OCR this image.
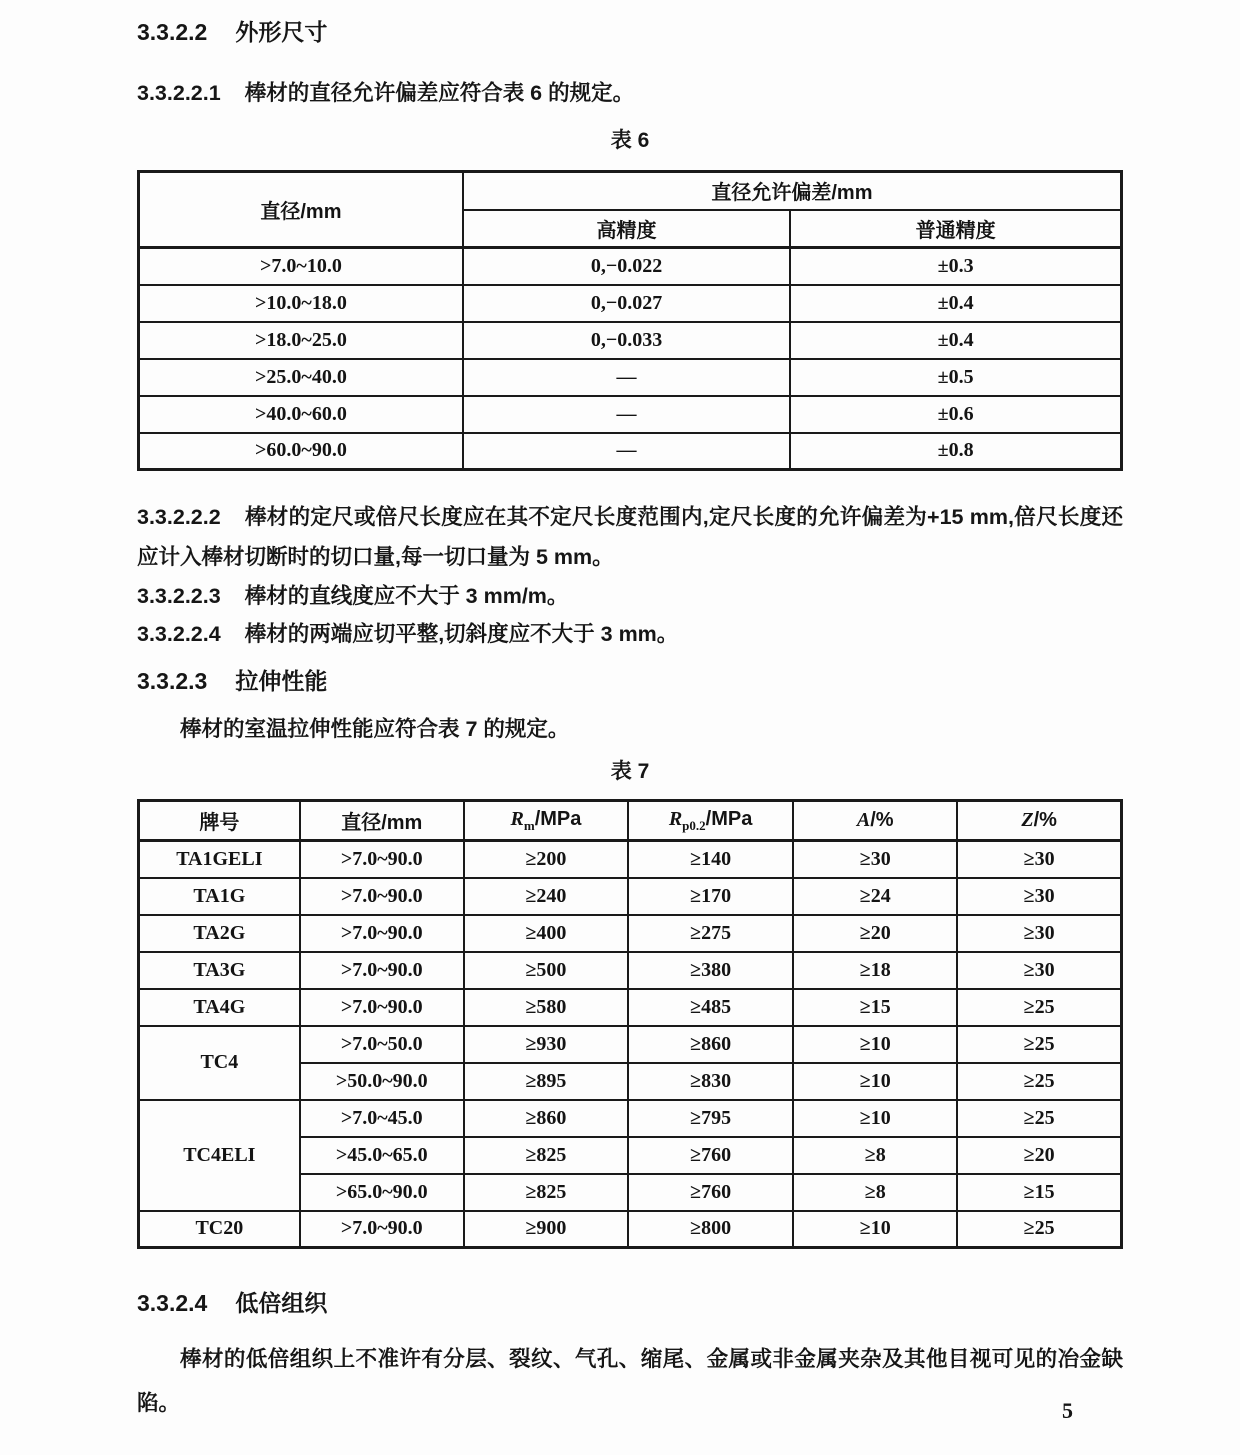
3.3.2.2 外形尺寸

3.3.2.2.1 棒材的直径允许偏差应符合表 6 的规定。

表 6
直径/mm	直径允许偏差/mm	
	高精度	普通精度
>7.0~10.0	0,−0.022	±0.3
>10.0~18.0	0,−0.027	±0.4
>18.0~25.0	0,−0.033	±0.4
>25.0~40.0	—	±0.5
>40.0~60.0	—	±0.6
>60.0~90.0	—	±0.8

3.3.2.2.2 棒材的定尺或倍尺长度应在其不定尺长度范围内,定尺长度的允许偏差为+15 mm,倍尺长度还应计入棒材切断时的切口量,每一切口量为 5 mm。

3.3.2.2.3 棒材的直线度应不大于 3 mm/m。

3.3.2.2.4 棒材的两端应切平整,切斜度应不大于 3 mm。

3.3.2.3 拉伸性能

棒材的室温拉伸性能应符合表 7 的规定。

表 7
牌号	直径/mm	$R_m$/MPa	$R_{p0.2}$/MPa	A/%	Z/%
TA1GELI	>7.0~90.0	≥200	≥140	≥30	≥30
TA1G	>7.0~90.0	≥240	≥170	≥24	≥30
TA2G	>7.0~90.0	≥400	≥275	≥20	≥30
TA3G	>7.0~90.0	≥500	≥380	≥18	≥30
TA4G	>7.0~90.0	≥580	≥485	≥15	≥25
TC4	>7.0~50.0	≥930	≥860	≥10	≥25
	>50.0~90.0	≥895	≥830	≥10	≥25
TC4ELI	>7.0~45.0	≥860	≥795	≥10	≥25
	>45.0~65.0	≥825	≥760	≥8	≥20
	>65.0~90.0	≥825	≥760	≥8	≥15
TC20	>7.0~90.0	≥900	≥800	≥10	≥25
3.3.2.4 低倍组织

棒材的低倍组织上不准许有分层、裂纹、气孔、缩尾、金属或非金属夹杂及其他目视可见的冶金缺陷。	5
